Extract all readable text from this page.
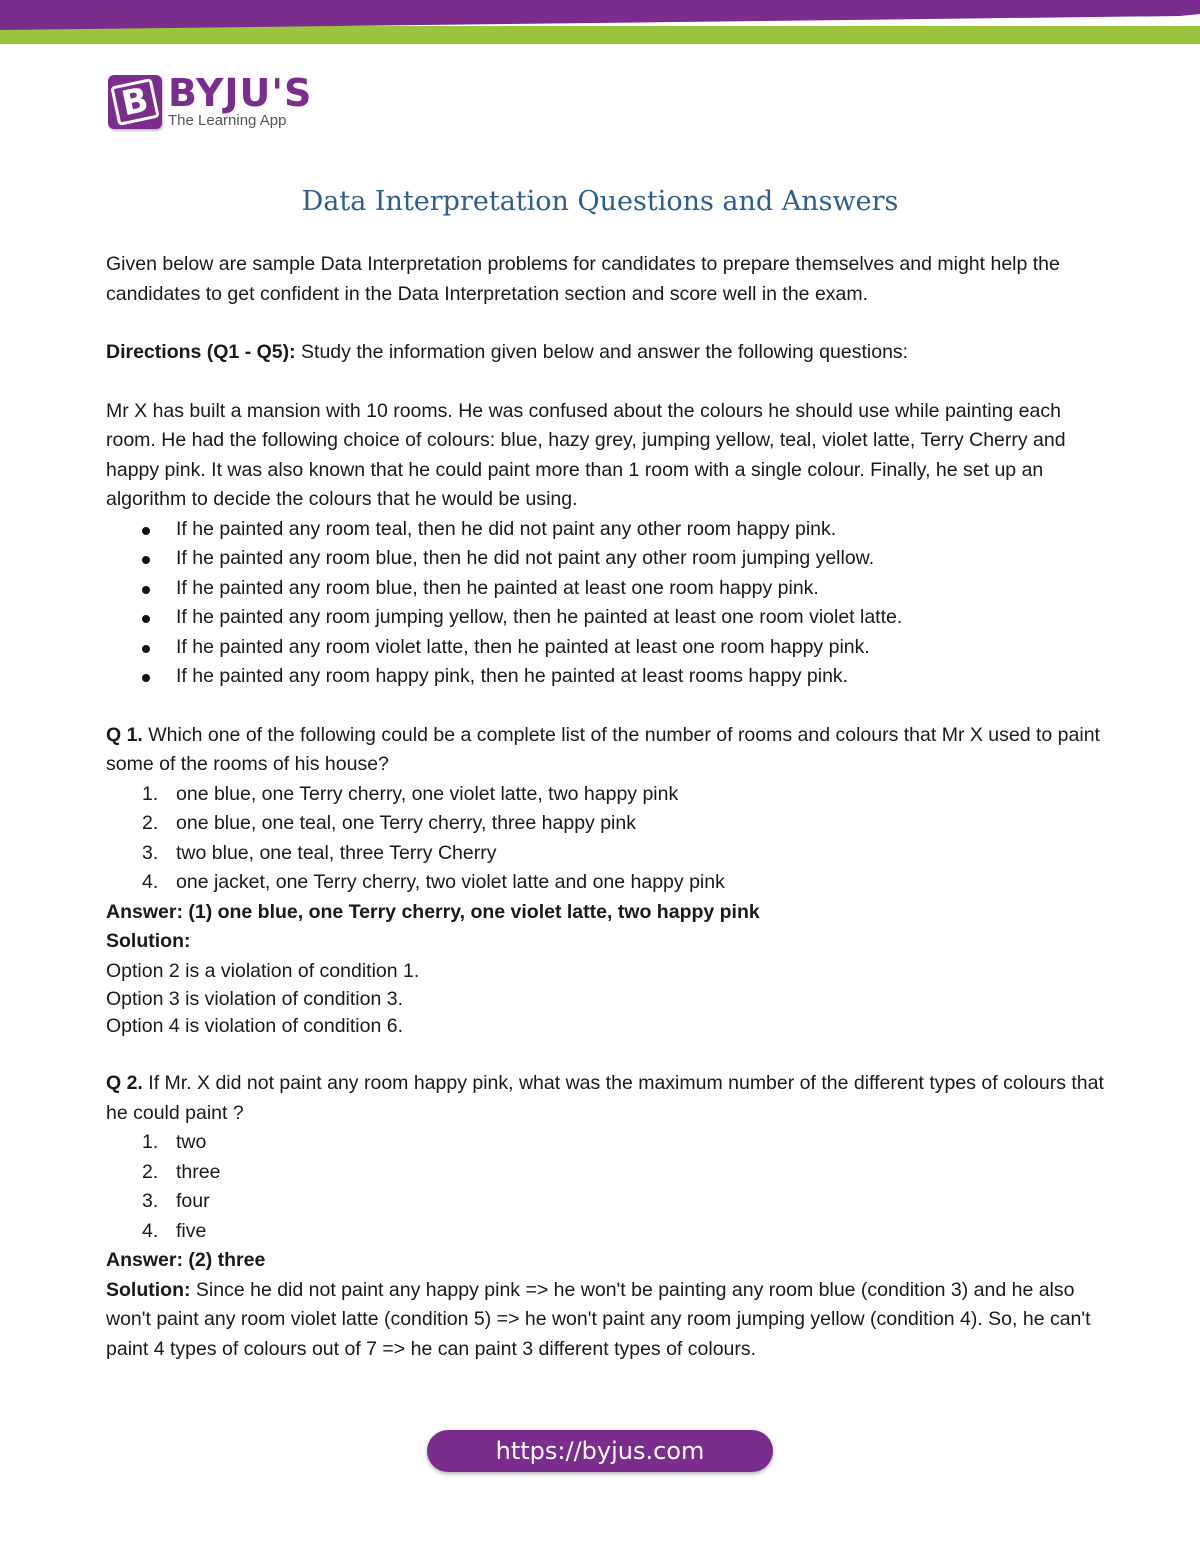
B BYJU'S
The Learning App
Data Interpretation Questions and Answers

Given below are sample Data Interpretation problems for candidates to prepare themselves and might help the candidates to get confident in the Data Interpretation section and score well in the exam.

Directions (Q1 - Q5): Study the information given below and answer the following questions:

Mr X has built a mansion with 10 rooms. He was confused about the colours he should use while painting each room. He had the following choice of colours: blue, hazy grey, jumping yellow, teal, violet latte, Terry Cherry and happy pink. It was also known that he could paint more than 1 room with a single colour. Finally, he set up an algorithm to decide the colours that he would be using.

If he painted any room teal, then he did not paint any other room happy pink.
If he painted any room blue, then he did not paint any other room jumping yellow.
If he painted any room blue, then he painted at least one room happy pink.
If he painted any room jumping yellow, then he painted at least one room violet latte.
If he painted any room violet latte, then he painted at least one room happy pink.
If he painted any room happy pink, then he painted at least rooms happy pink.

Q 1. Which one of the following could be a complete list of the number of rooms and colours that Mr X used to paint some of the rooms of his house?

1. one blue, one Terry cherry, one violet latte, two happy pink
2. one blue, one teal, one Terry cherry, three happy pink
3. two blue, one teal, three Terry Cherry
4. one jacket, one Terry cherry, two violet latte and one happy pink

Answer: (1) one blue, one Terry cherry, one violet latte, two happy pink

Solution:

Option 2 is a violation of condition 1.

Option 3 is violation of condition 3.

Option 4 is violation of condition 6.

Q 2. If Mr. X did not paint any room happy pink, what was the maximum number of the different types of colours that he could paint ?

1. two
2. three
3. four
4. five

Answer: (2) three

Solution: Since he did not paint any happy pink => he won't be painting any room blue (condition 3) and he also won't paint any room violet latte (condition 5) => he won't paint any room jumping yellow (condition 4). So, he can't paint 4 types of colours out of 7 => he can paint 3 different types of colours.

https://byjus.com
